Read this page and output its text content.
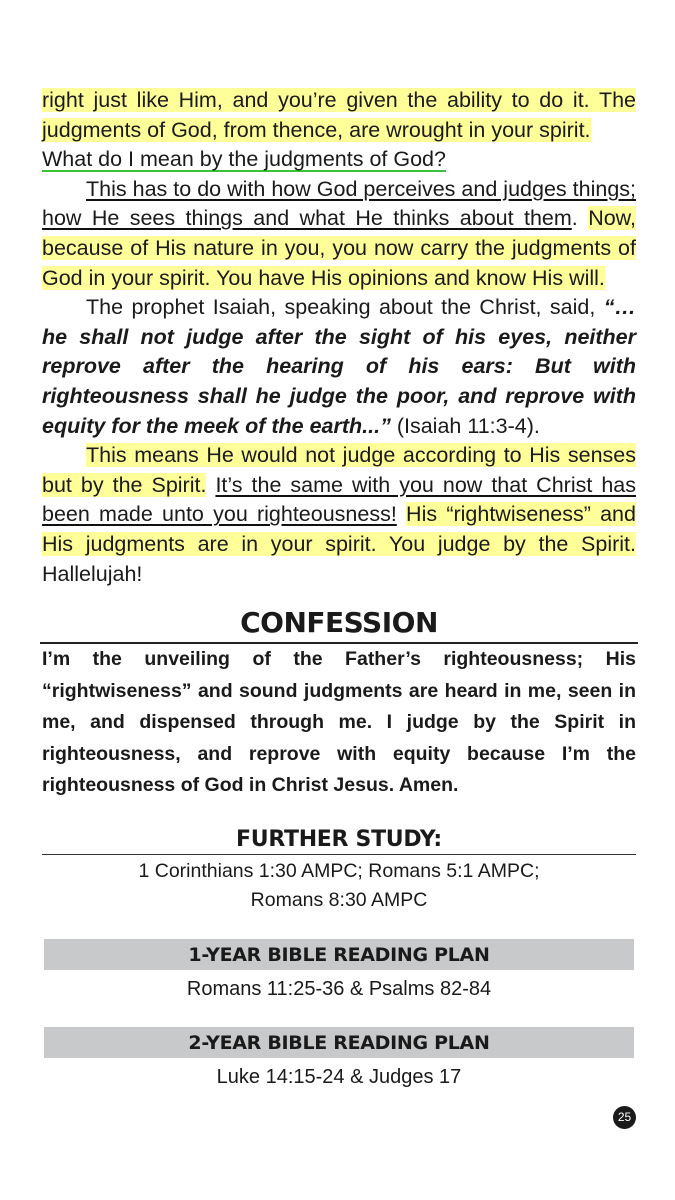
right just like Him, and you’re given the ability to do it. The judgments of God, from thence, are wrought in your spirit.
What do I mean by the judgments of God?

This has to do with how God perceives and judges things; how He sees things and what He thinks about them. Now, because of His nature in you, you now carry the judgments of God in your spirit. You have His opinions and know His will.

The prophet Isaiah, speaking about the Christ, said, “…he shall not judge after the sight of his eyes, neither reprove after the hearing of his ears: But with righteousness shall he judge the poor, and reprove with equity for the meek of the earth...” (Isaiah 11:3-4).

This means He would not judge according to His senses but by the Spirit. It’s the same with you now that Christ has been made unto you righteousness! His “rightwiseness” and His judgments are in your spirit. You judge by the Spirit. Hallelujah!

CONFESSION

I’m the unveiling of the Father’s righteousness; His “rightwiseness” and sound judgments are heard in me, seen in me, and dispensed through me. I judge by the Spirit in righteousness, and reprove with equity because I’m the righteousness of God in Christ Jesus. Amen.

FURTHER STUDY:

1 Corinthians 1:30 AMPC; Romans 5:1 AMPC;
Romans 8:30 AMPC

1-YEAR BIBLE READING PLAN

Romans 11:25-36 & Psalms 82-84

2-YEAR BIBLE READING PLAN

Luke 14:15-24 & Judges 17

25
